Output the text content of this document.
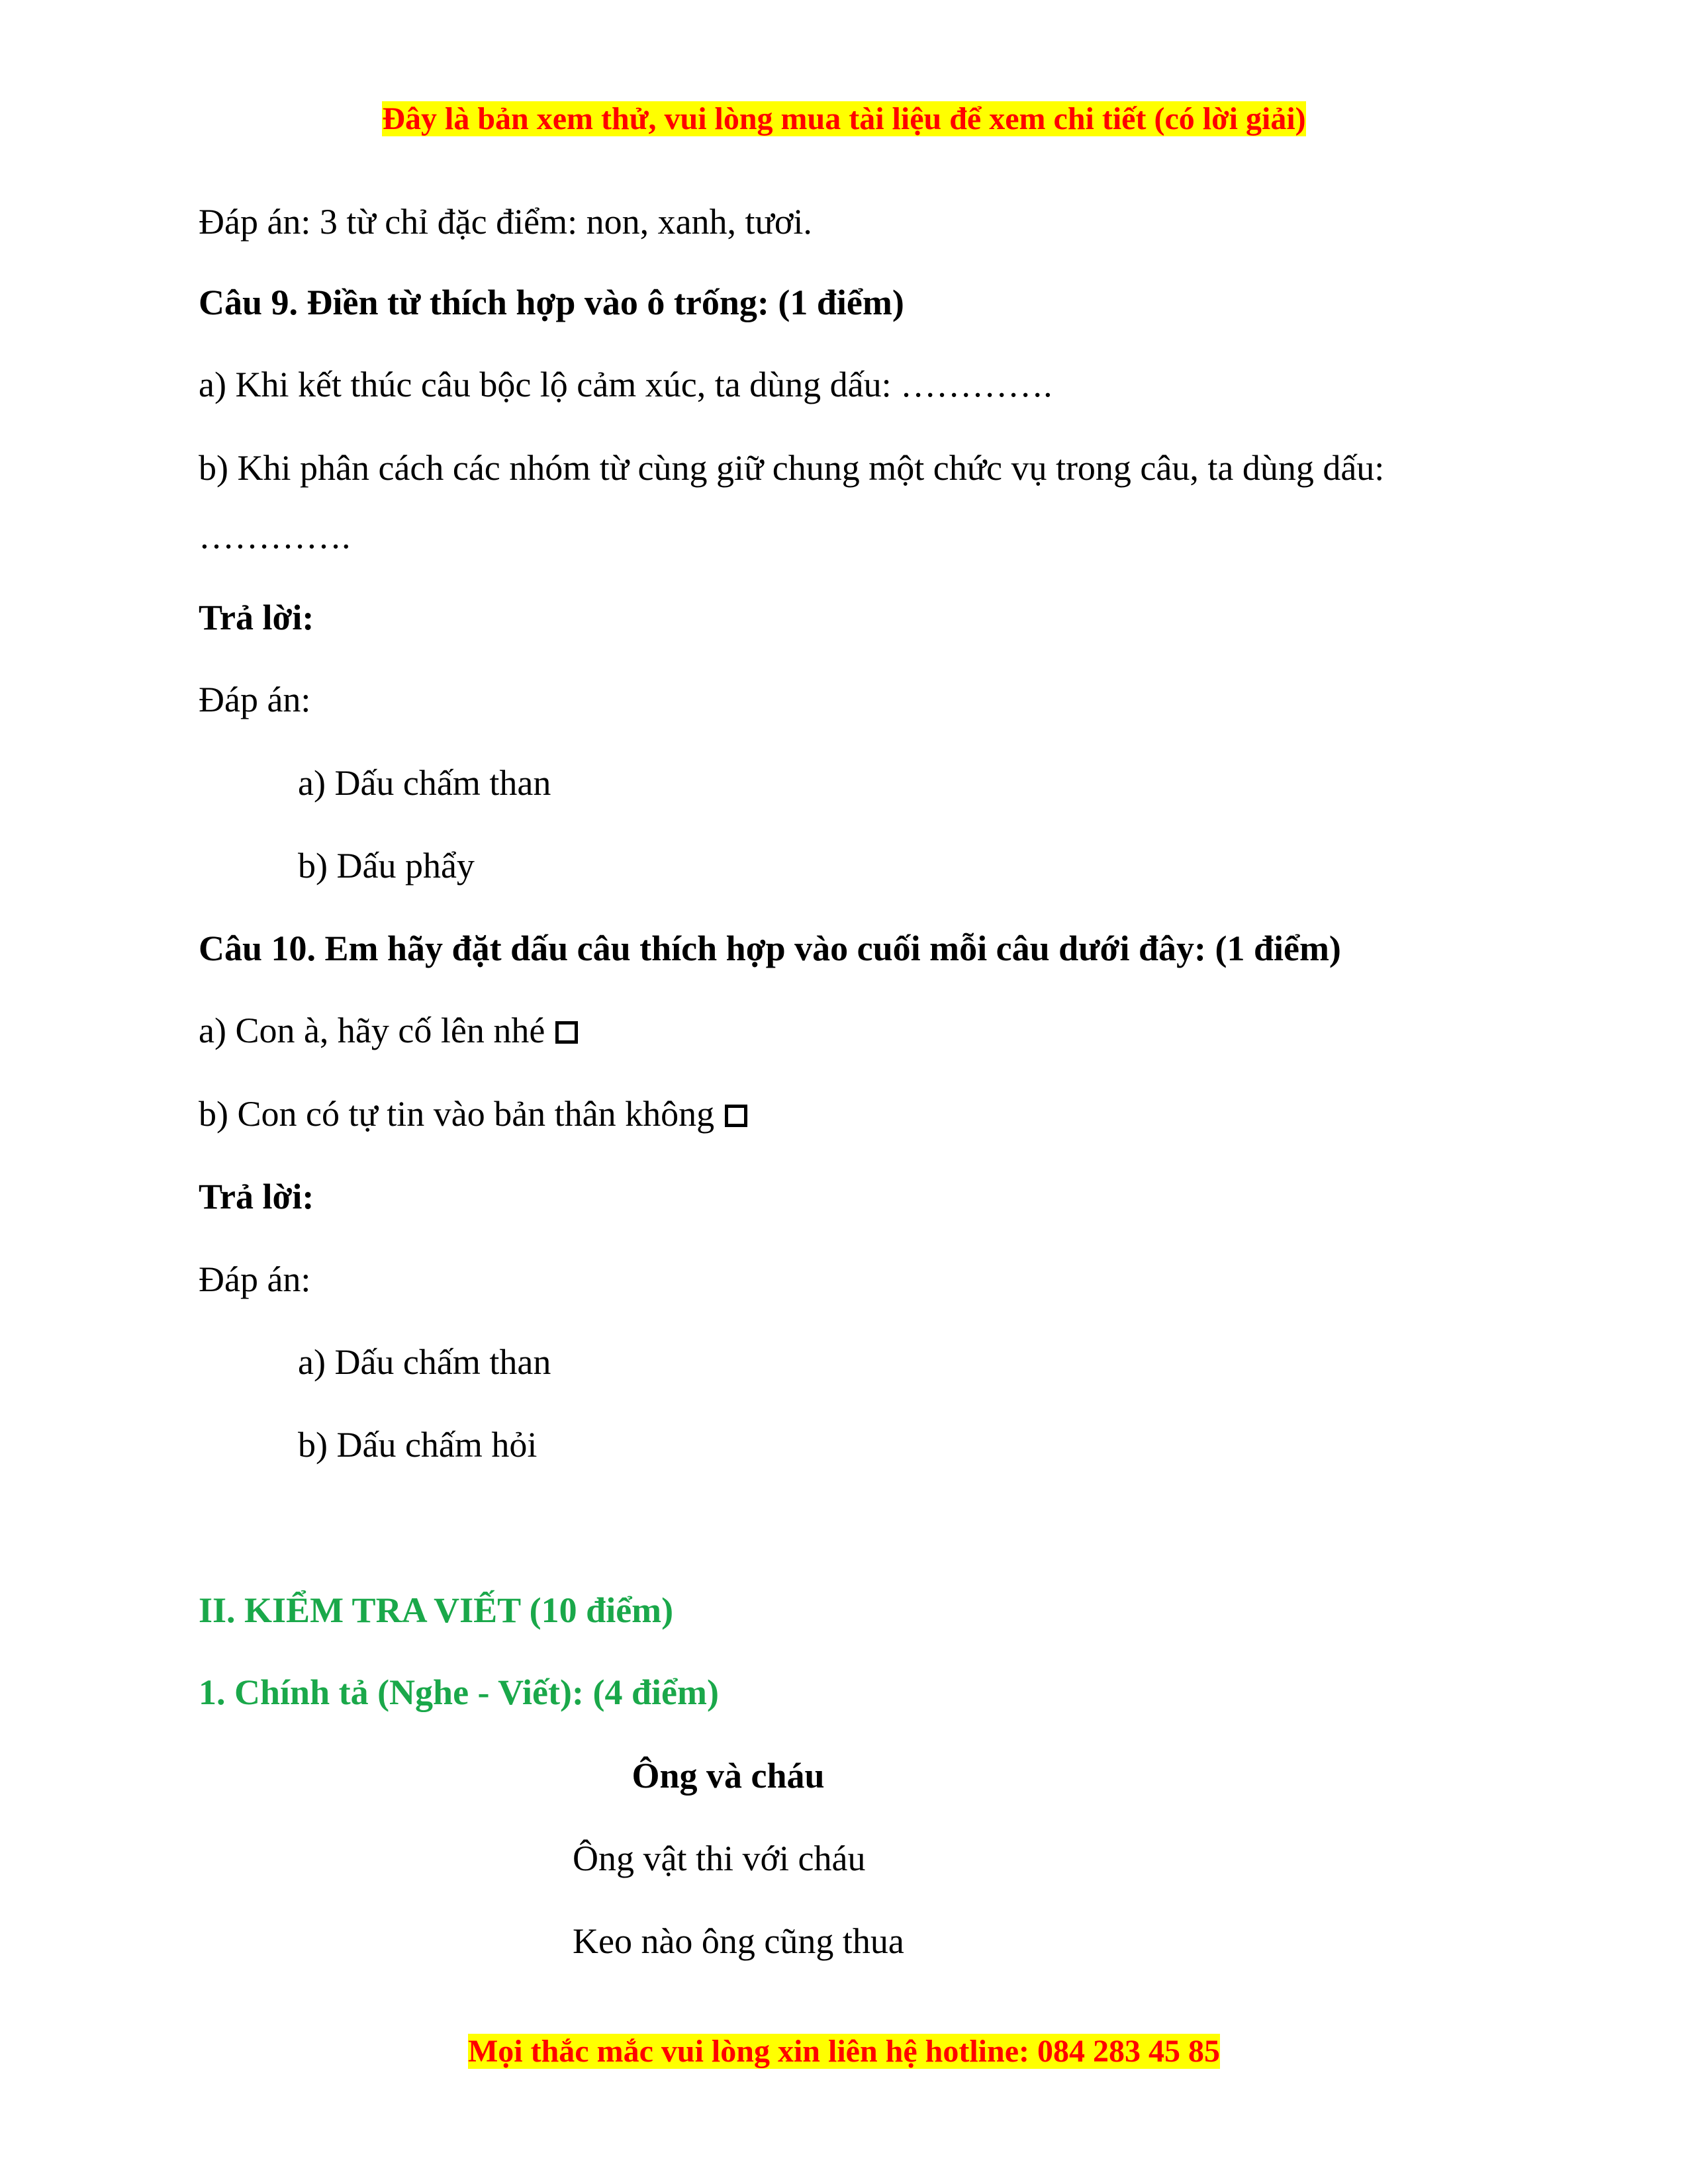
Đây là bản xem thử, vui lòng mua tài liệu để xem chi tiết (có lời giải)
Đáp án: 3 từ chỉ đặc điểm: non, xanh, tươi.
Câu 9. Điền từ thích hợp vào ô trống: (1 điểm)
a) Khi kết thúc câu bộc lộ cảm xúc, ta dùng dấu: ………….
b) Khi phân cách các nhóm từ cùng giữ chung một chức vụ trong câu, ta dùng dấu:
………….
Trả lời:
Đáp án:
a) Dấu chấm than
b) Dấu phẩy
Câu 10. Em hãy đặt dấu câu thích hợp vào cuối mỗi câu dưới đây: (1 điểm)
a) Con à, hãy cố lên nhé
b) Con có tự tin vào bản thân không
Trả lời:
Đáp án:
a) Dấu chấm than
b) Dấu chấm hỏi
II. KIỂM TRA VIẾT (10 điểm)
1. Chính tả (Nghe - Viết): (4 điểm)
Ông và cháu
Ông vật thi với cháu
Keo nào ông cũng thua
Mọi thắc mắc vui lòng xin liên hệ hotline: 084 283 45 85
